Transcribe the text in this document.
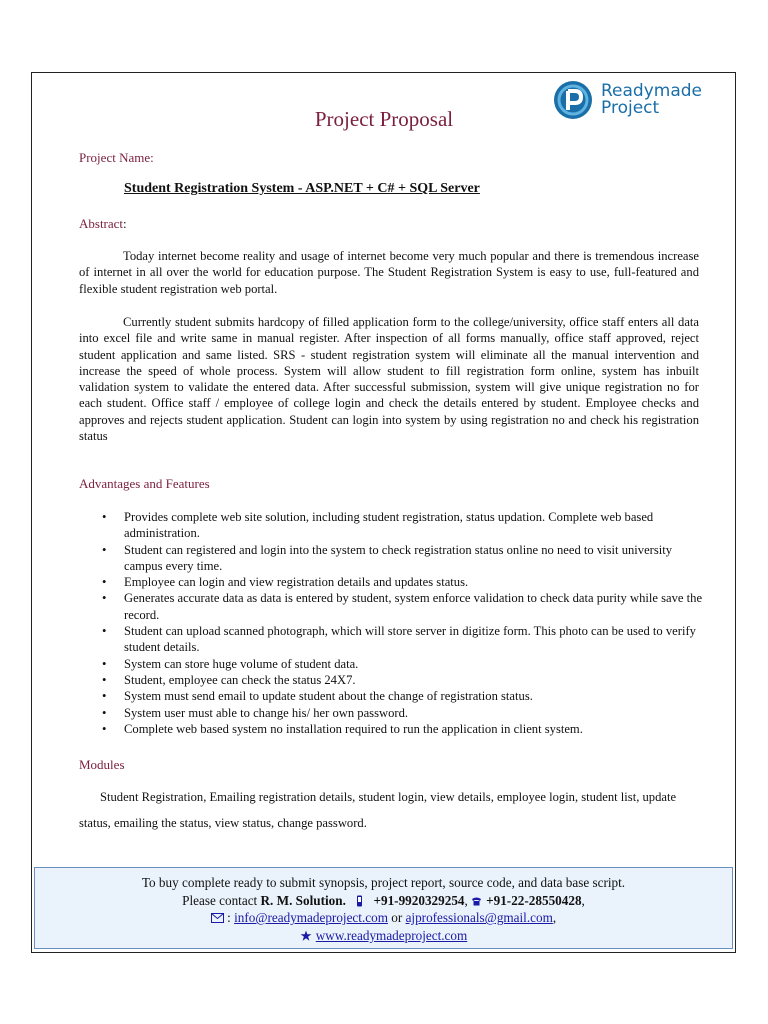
Readymade
Project
Project Proposal
Project Name:
Student Registration System - ASP.NET + C# + SQL Server
Abstract:
Today internet become reality and usage of internet become very much popular and there is tremendous increase of internet in all over the world for education purpose. The Student Registration System is easy to use, full-featured and flexible student registration web portal.
Currently student submits hardcopy of filled application form to the college/university, office staff enters all data into excel file and write same in manual register. After inspection of all forms manually, office staff approved, reject student application and same listed. SRS - student registration system will eliminate all the manual intervention and increase the speed of whole process. System will allow student to fill registration form online, system has inbuilt validation system to validate the entered data. After successful submission, system will give unique registration no for each student. Office staff / employee of college login and check the details entered by student. Employee checks and approves and rejects student application. Student can login into system by using registration no and check his registration status
Advantages and Features
• Provides complete web site solution, including student registration, status updation. Complete web based administration.
• Student can registered and login into the system to check registration status online no need to visit university campus every time.
• Employee can login and view registration details and updates status.
• Generates accurate data as data is entered by student, system enforce validation to check data purity while save the record.
• Student can upload scanned photograph, which will store server in digitize form. This photo can be used to verify student details.
• System can store huge volume of student data.
• Student, employee can check the status 24X7.
• System must send email to update student about the change of registration status.
• System user must able to change his/ her own password.
• Complete web based system no installation required to run the application in client system.
Modules
Student Registration, Emailing registration details, student login, view details, employee login, student list, update status, emailing the status, view status, change password.
To buy complete ready to submit synopsis, project report, source code, and data base script.
Please contact R. M. Solution. +91-9920329254, +91-22-28550428,
: info@readymadeproject.com or ajprofessionals@gmail.com,
www.readymadeproject.com
